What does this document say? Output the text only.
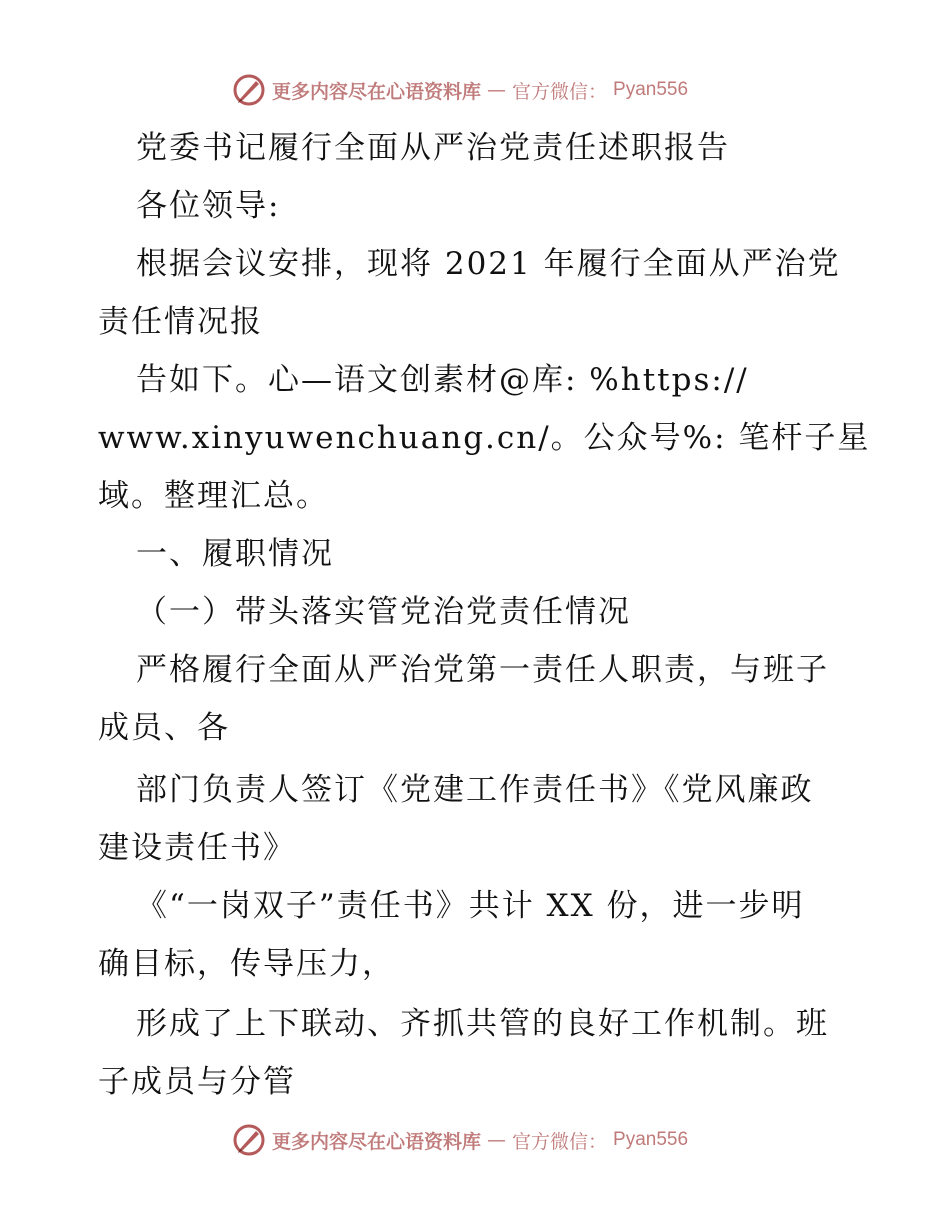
更多内容尽在心语资料库 — 官方微信： Pyan556
党委书记履行全面从严治党责任述职报告
各位领导:
根据会议安排，现将 2021 年履行全面从严治党
责任情况报
告如下。心—语文创素材@库: %https://
www.xinyuwenchuang.cn/。公众号%: 笔杆子星
域。整理汇总。
一、履职情况
（一）带头落实管党治党责任情况
严格履行全面从严治党第一责任人职责，与班子
成员、各
部门负责人签订《党建工作责任书》《党风廉政
建设责任书》
《“一岗双子”责任书》共计 XX 份，进一步明
确目标，传导压力，
形成了上下联动、齐抓共管的良好工作机制。班
子成员与分管
更多内容尽在心语资料库 — 官方微信： Pyan556
